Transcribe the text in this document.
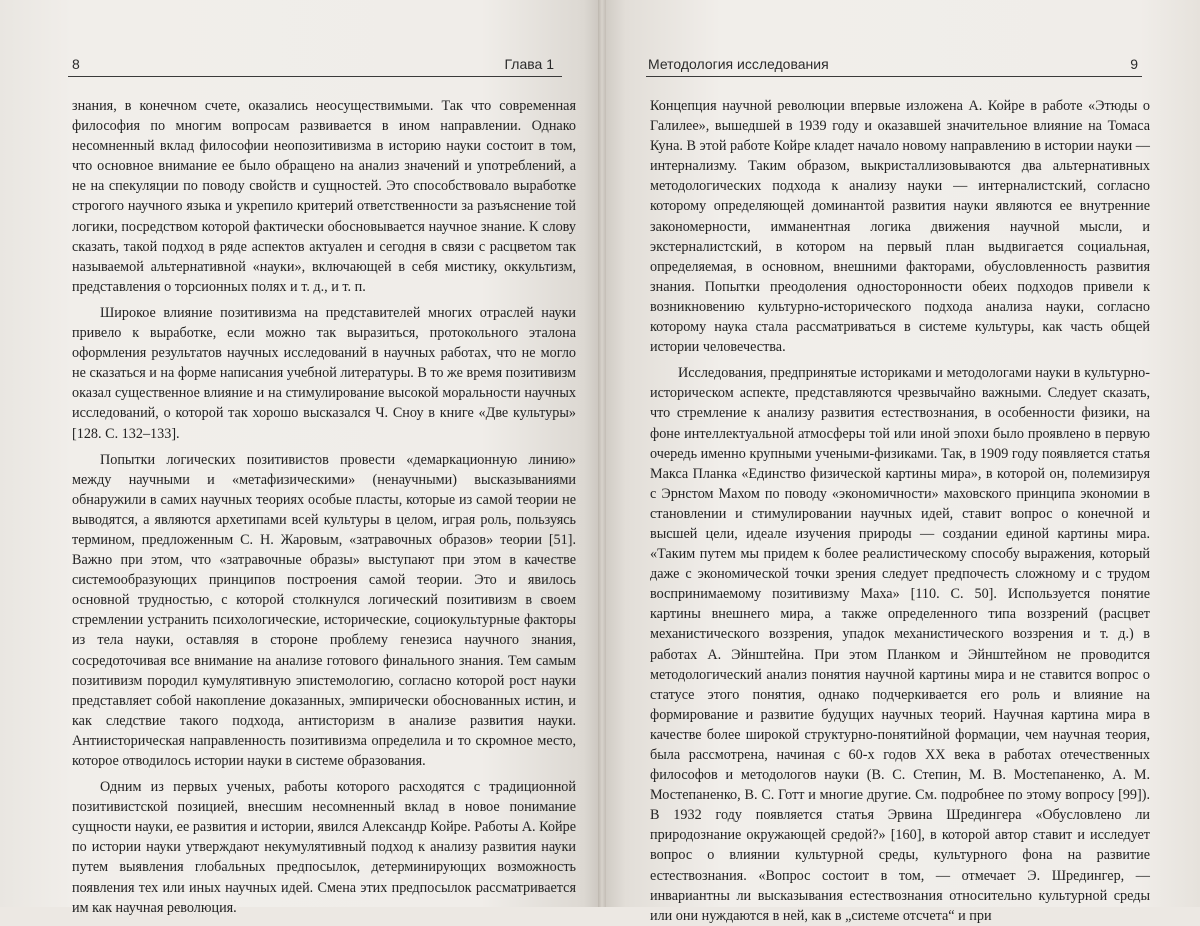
8	Глава 1

знания, в конечном счете, оказались неосуществимыми. Так что современная философия по многим вопросам развивается в ином направлении. Однако несомненный вклад философии неопозитивизма в историю науки состоит в том, что основное внимание ее было обращено на анализ значений и употреблений, а не на спекуляции по поводу свойств и сущностей. Это способствовало выработке строгого научного языка и укрепило критерий ответственности за разъяснение той логики, посредством которой фактически обосновывается научное знание. К слову сказать, такой подход в ряде аспектов актуален и сегодня в связи с расцветом так называемой альтернативной «науки», включающей в себя мистику, оккультизм, представления о торсионных полях и т. д., и т. п.

Широкое влияние позитивизма на представителей многих отраслей науки привело к выработке, если можно так выразиться, протокольного эталона оформления результатов научных исследований в научных работах, что не могло не сказаться и на форме написания учебной литературы. В то же время позитивизм оказал существенное влияние и на стимулирование высокой моральности научных исследований, о которой так хорошо высказался Ч. Сноу в книге «Две культуры» [128. С. 132–133].

Попытки логических позитивистов провести «демаркационную линию» между научными и «метафизическими» (ненаучными) высказываниями обнаружили в самих научных теориях особые пласты, которые из самой теории не выводятся, а являются архетипами всей культуры в целом, играя роль, пользуясь термином, предложенным С. Н. Жаровым, «затравочных образов» теории [51]. Важно при этом, что «затравочные образы» выступают при этом в качестве системообразующих принципов построения самой теории. Это и явилось основной трудностью, с которой столкнулся логический позитивизм в своем стремлении устранить психологические, исторические, социокультурные факторы из тела науки, оставляя в стороне проблему генезиса научного знания, сосредоточивая все внимание на анализе готового финального знания. Тем самым позитивизм породил кумулятивную эпистемологию, согласно которой рост науки представляет собой накопление доказанных, эмпирически обоснованных истин, и как следствие такого подхода, антисторизм в анализе развития науки. Антиисторическая направленность позитивизма определила и то скромное место, которое отводилось истории науки в системе образования.

Одним из первых ученых, работы которого расходятся с традиционной позитивистской позицией, внесшим несомненный вклад в новое понимание сущности науки, ее развития и истории, явился Александр Койре. Работы А. Койре по истории науки утверждают некумулятивный подход к анализу развития науки путем выявления глобальных предпосылок, детерминирующих возможность появления тех или иных научных идей. Смена этих предпосылок рассматривается им как научная революция.

Методология исследования	9

Концепция научной революции впервые изложена А. Койре в работе «Этюды о Галилее», вышедшей в 1939 году и оказавшей значительное влияние на Томаса Куна. В этой работе Койре кладет начало новому направлению в истории науки — интернализму. Таким образом, выкристаллизовываются два альтернативных методологических подхода к анализу науки — интерналистский, согласно которому определяющей доминантой развития науки являются ее внутренние закономерности, имманентная логика движения научной мысли, и экстерналистский, в котором на первый план выдвигается социальная, определяемая, в основном, внешними факторами, обусловленность развития знания. Попытки преодоления односторонности обеих подходов привели к возникновению культурно-исторического подхода анализа науки, согласно которому наука стала рассматриваться в системе культуры, как часть общей истории человечества.

Исследования, предпринятые историками и методологами науки в культурно-историческом аспекте, представляются чрезвычайно важными. Следует сказать, что стремление к анализу развития естествознания, в особенности физики, на фоне интеллектуальной атмосферы той или иной эпохи было проявлено в первую очередь именно крупными учеными-физиками. Так, в 1909 году появляется статья Макса Планка «Единство физической картины мира», в которой он, полемизируя с Эрнстом Махом по поводу «экономичности» маховского принципа экономии в становлении и стимулировании научных идей, ставит вопрос о конечной и высшей цели, идеале изучения природы — создании единой картины мира. «Таким путем мы придем к более реалистическому способу выражения, который даже с экономической точки зрения следует предпочесть сложному и с трудом воспринимаемому позитивизму Маха» [110. С. 50]. Используется понятие картины внешнего мира, а также определенного типа воззрений (расцвет механистического воззрения, упадок механистического воззрения и т. д.) в работах А. Эйнштейна. При этом Планком и Эйнштейном не проводится методологический анализ понятия научной картины мира и не ставится вопрос о статусе этого понятия, однако подчеркивается его роль и влияние на формирование и развитие будущих научных теорий. Научная картина мира в качестве более широкой структурно-понятийной формации, чем научная теория, была рассмотрена, начиная с 60-х годов XX века в работах отечественных философов и методологов науки (В. С. Степин, М. В. Мостепаненко, А. М. Мостепаненко, В. С. Готт и многие другие. См. подробнее по этому вопросу [99]). В 1932 году появляется статья Эрвина Шредингера «Обусловлено ли природознание окружающей средой?» [160], в которой автор ставит и исследует вопрос о влиянии культурной среды, культурного фона на развитие естествознания. «Вопрос состоит в том, — отмечает Э. Шредингер, — инвариантны ли высказывания естествознания относительно культурной среды или они нуждаются в ней, как в „системе отсчета“ и при
